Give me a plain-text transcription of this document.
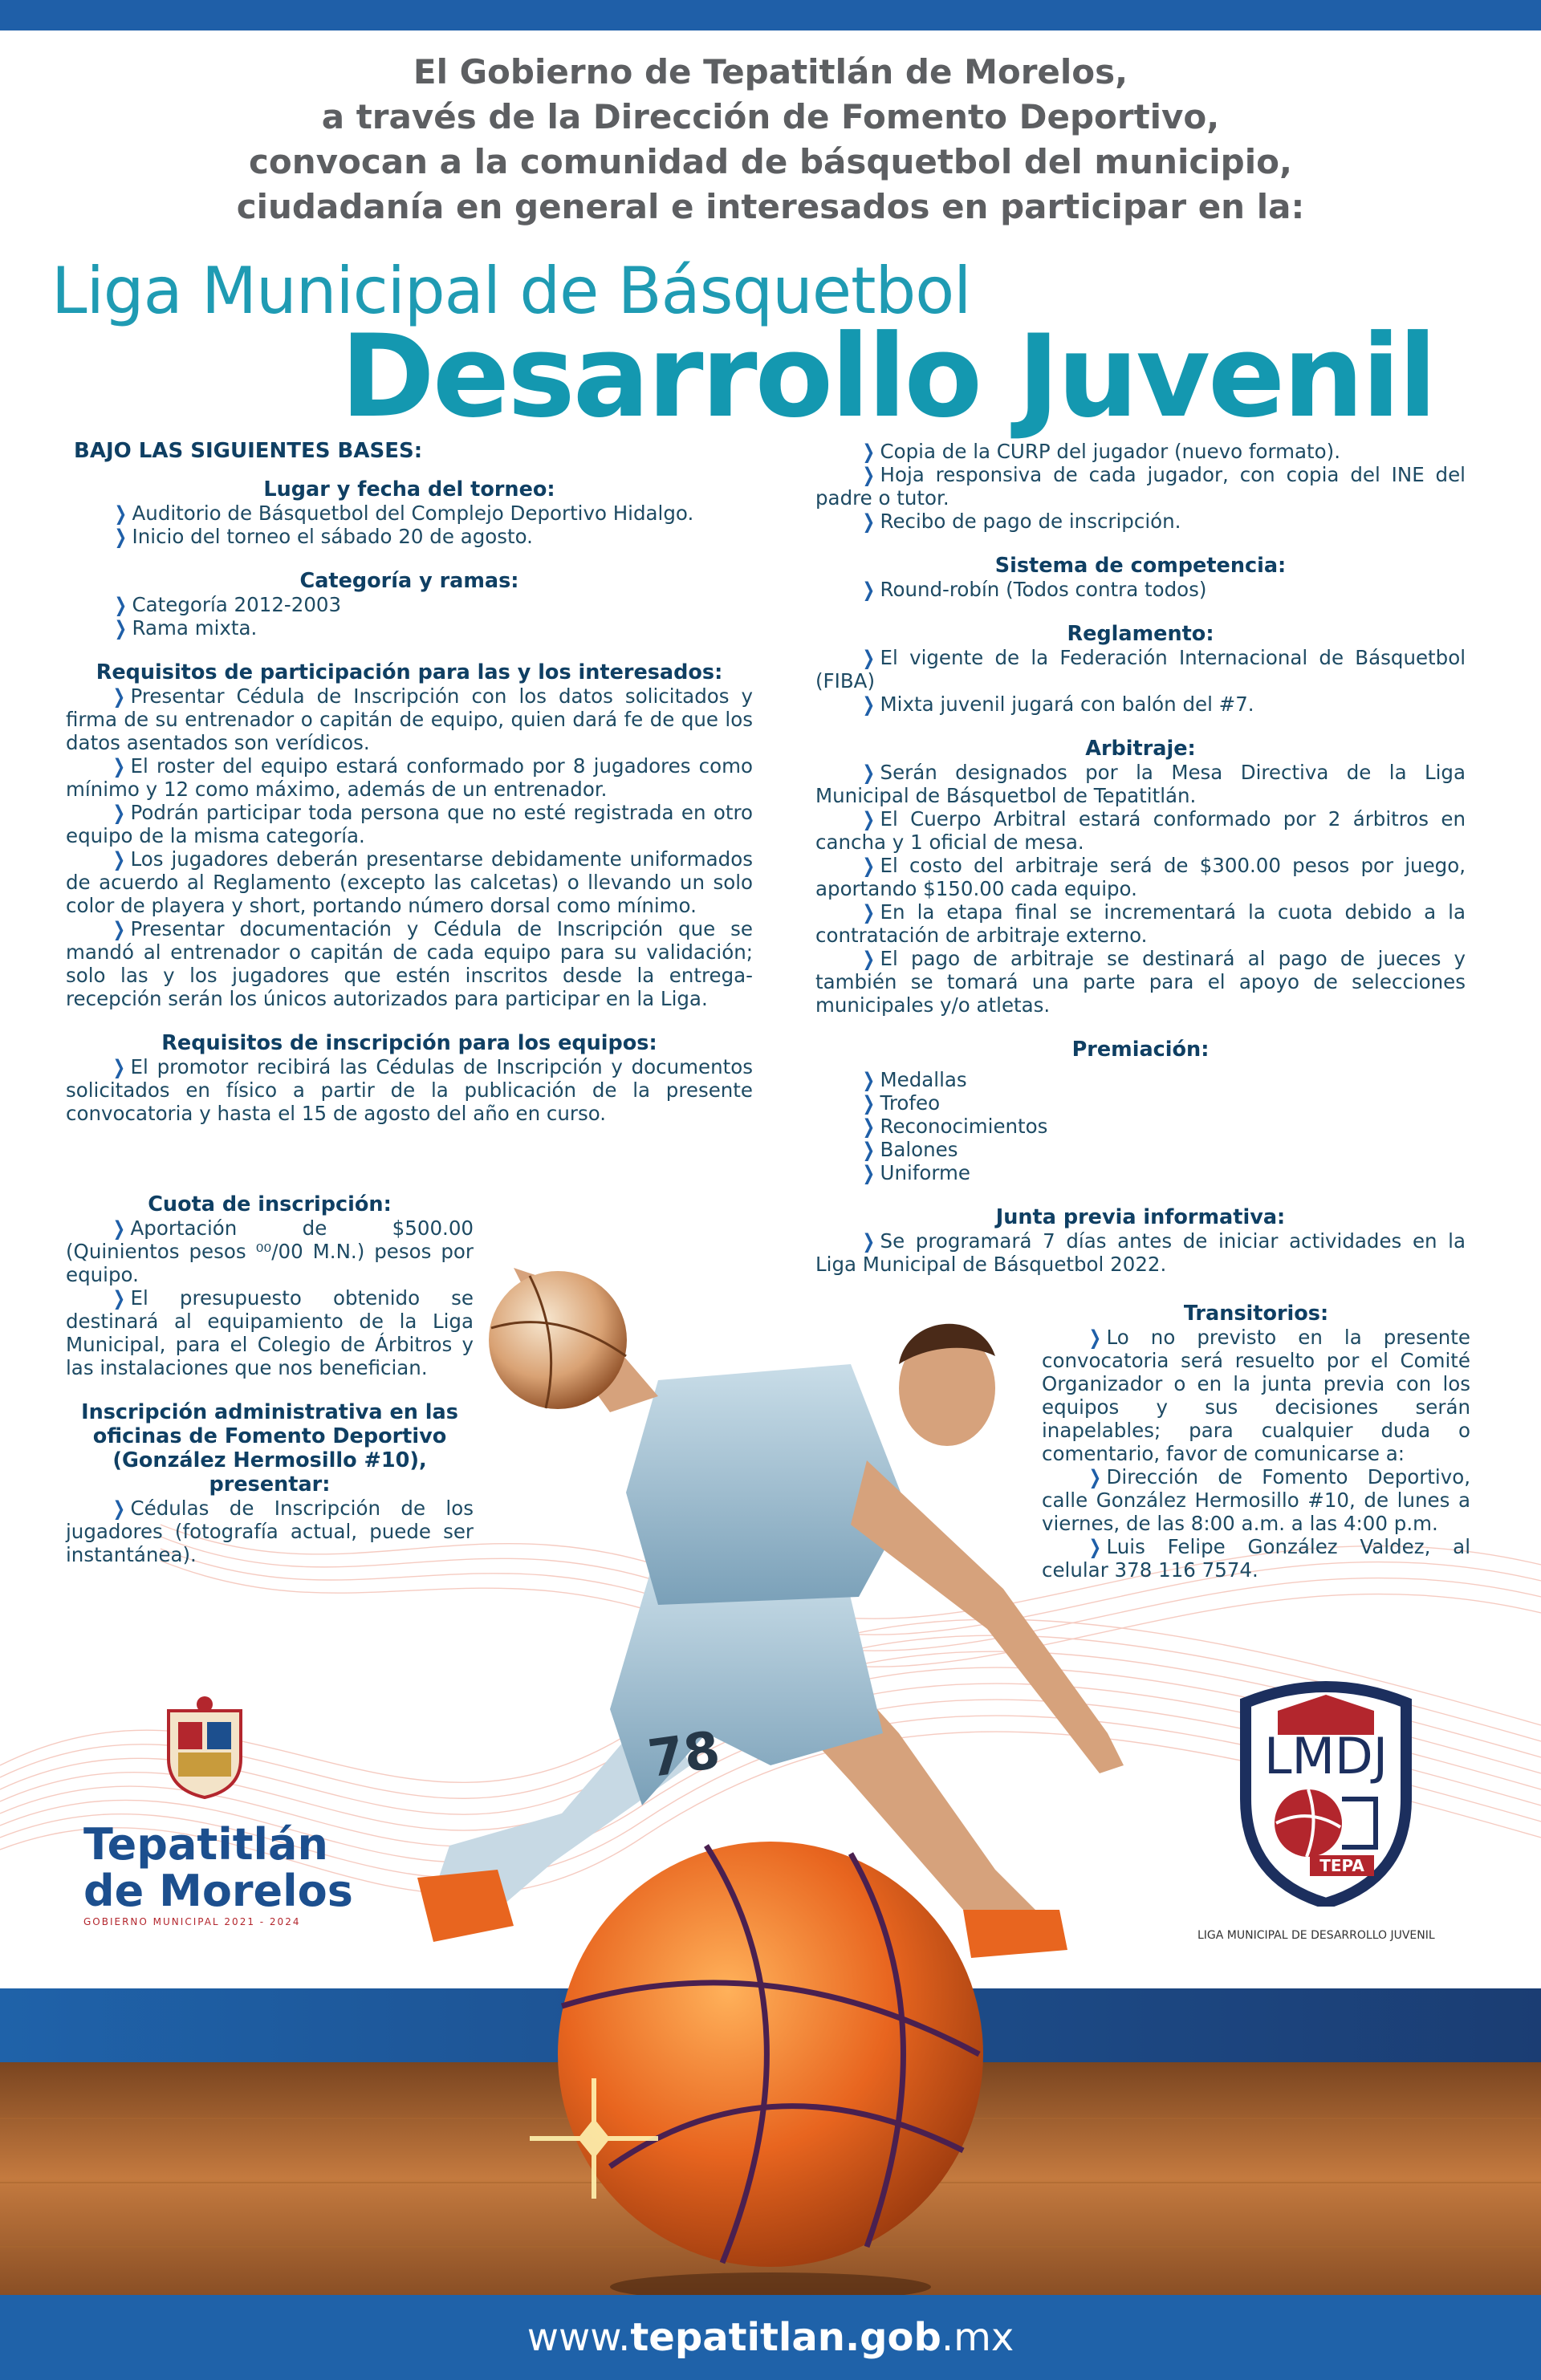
El Gobierno de Tepatitlán de Morelos,
a través de la Dirección de Fomento Deportivo,
convocan a la comunidad de básquetbol del municipio,
ciudadanía en general e interesados en participar en la:
Liga Municipal de Básquetbol
Desarrollo Juvenil
78
BAJO LAS SIGUIENTES BASES:
Lugar y fecha del torneo:
❯ Auditorio de Básquetbol del Complejo Deportivo Hidalgo.
❯ Inicio del torneo el sábado 20 de agosto.
Categoría y ramas:
❯ Categoría 2012-2003
❯ Rama mixta.
Requisitos de participación para las y los interesados:
❯ Presentar Cédula de Inscripción con los datos solicitados y firma de su entrenador o capitán de equipo, quien dará fe de que los datos asentados son verídicos.
❯ El roster del equipo estará conformado por 8 jugadores como mínimo y 12 como máximo, además de un entrenador.
❯ Podrán participar toda persona que no esté registrada en otro equipo de la misma categoría.
❯ Los jugadores deberán presentarse debidamente uniformados de acuerdo al Reglamento (excepto las calcetas) o llevando un solo color de playera y short, portando número dorsal como mínimo.
❯ Presentar documentación y Cédula de Inscripción que se mandó al entrenador o capitán de cada equipo para su validación; solo las y los jugadores que estén inscritos desde la entrega- recepción serán los únicos autorizados para participar en la Liga.
Requisitos de inscripción para los equipos:
❯ El promotor recibirá las Cédulas de Inscripción y documentos solicitados en físico a partir de la publicación de la presente convocatoria y hasta el 15 de agosto del año en curso.
Cuota de inscripción:
❯ Aportación de $500.00 (Quinientos pesos ⁰⁰/00 M.N.) pesos por equipo.
❯ El presupuesto obtenido se destinará al equipamiento de la Liga Municipal, para el Colegio de Árbitros y las instalaciones que nos benefician.
Inscripción administrativa en las oficinas de Fomento Deportivo (González Hermosillo #10), presentar:
❯ Cédulas de Inscripción de los jugadores (fotografía actual, puede ser instantánea).
❯ Copia de la CURP del jugador (nuevo formato).
❯ Hoja responsiva de cada jugador, con copia del INE del padre o tutor.
❯ Recibo de pago de inscripción.
Sistema de competencia:
❯ Round-robín (Todos contra todos)
Reglamento:
❯ El vigente de la Federación Internacional de Básquetbol (FIBA)
❯ Mixta juvenil jugará con balón del #7.
Arbitraje:
❯ Serán designados por la Mesa Directiva de la Liga Municipal de Básquetbol de Tepatitlán.
❯ El Cuerpo Arbitral estará conformado por 2 árbitros en cancha y 1 oficial de mesa.
❯ El costo del arbitraje será de $300.00 pesos por juego, aportando $150.00 cada equipo.
❯ En la etapa final se incrementará la cuota debido a la contratación de arbitraje externo.
❯ El pago de arbitraje se destinará al pago de jueces y también se tomará una parte para el apoyo de selecciones municipales y/o atletas.
Premiación:
❯ Medallas
❯ Trofeo
❯ Reconocimientos
❯ Balones
❯ Uniforme
Junta previa informativa:
❯ Se programará 7 días antes de iniciar actividades en la Liga Municipal de Básquetbol 2022.
Transitorios:
❯ Lo no previsto en la presente convocatoria será resuelto por el Comité Organizador o en la junta previa con los equipos y sus decisiones serán inapelables; para cualquier duda o comentario, favor de comunicarse a:
❯ Dirección de Fomento Deportivo, calle González Hermosillo #10, de lunes a viernes, de las 8:00 a.m. a las 4:00 p.m.
❯ Luis Felipe González Valdez, al celular 378 116 7574.
Tepatitlán
de Morelos
GOBIERNO MUNICIPAL 2021 - 2024
LMDJ
TEPA
LIGA MUNICIPAL DE DESARROLLO JUVENIL
www.tepatitlan.gob.mx
